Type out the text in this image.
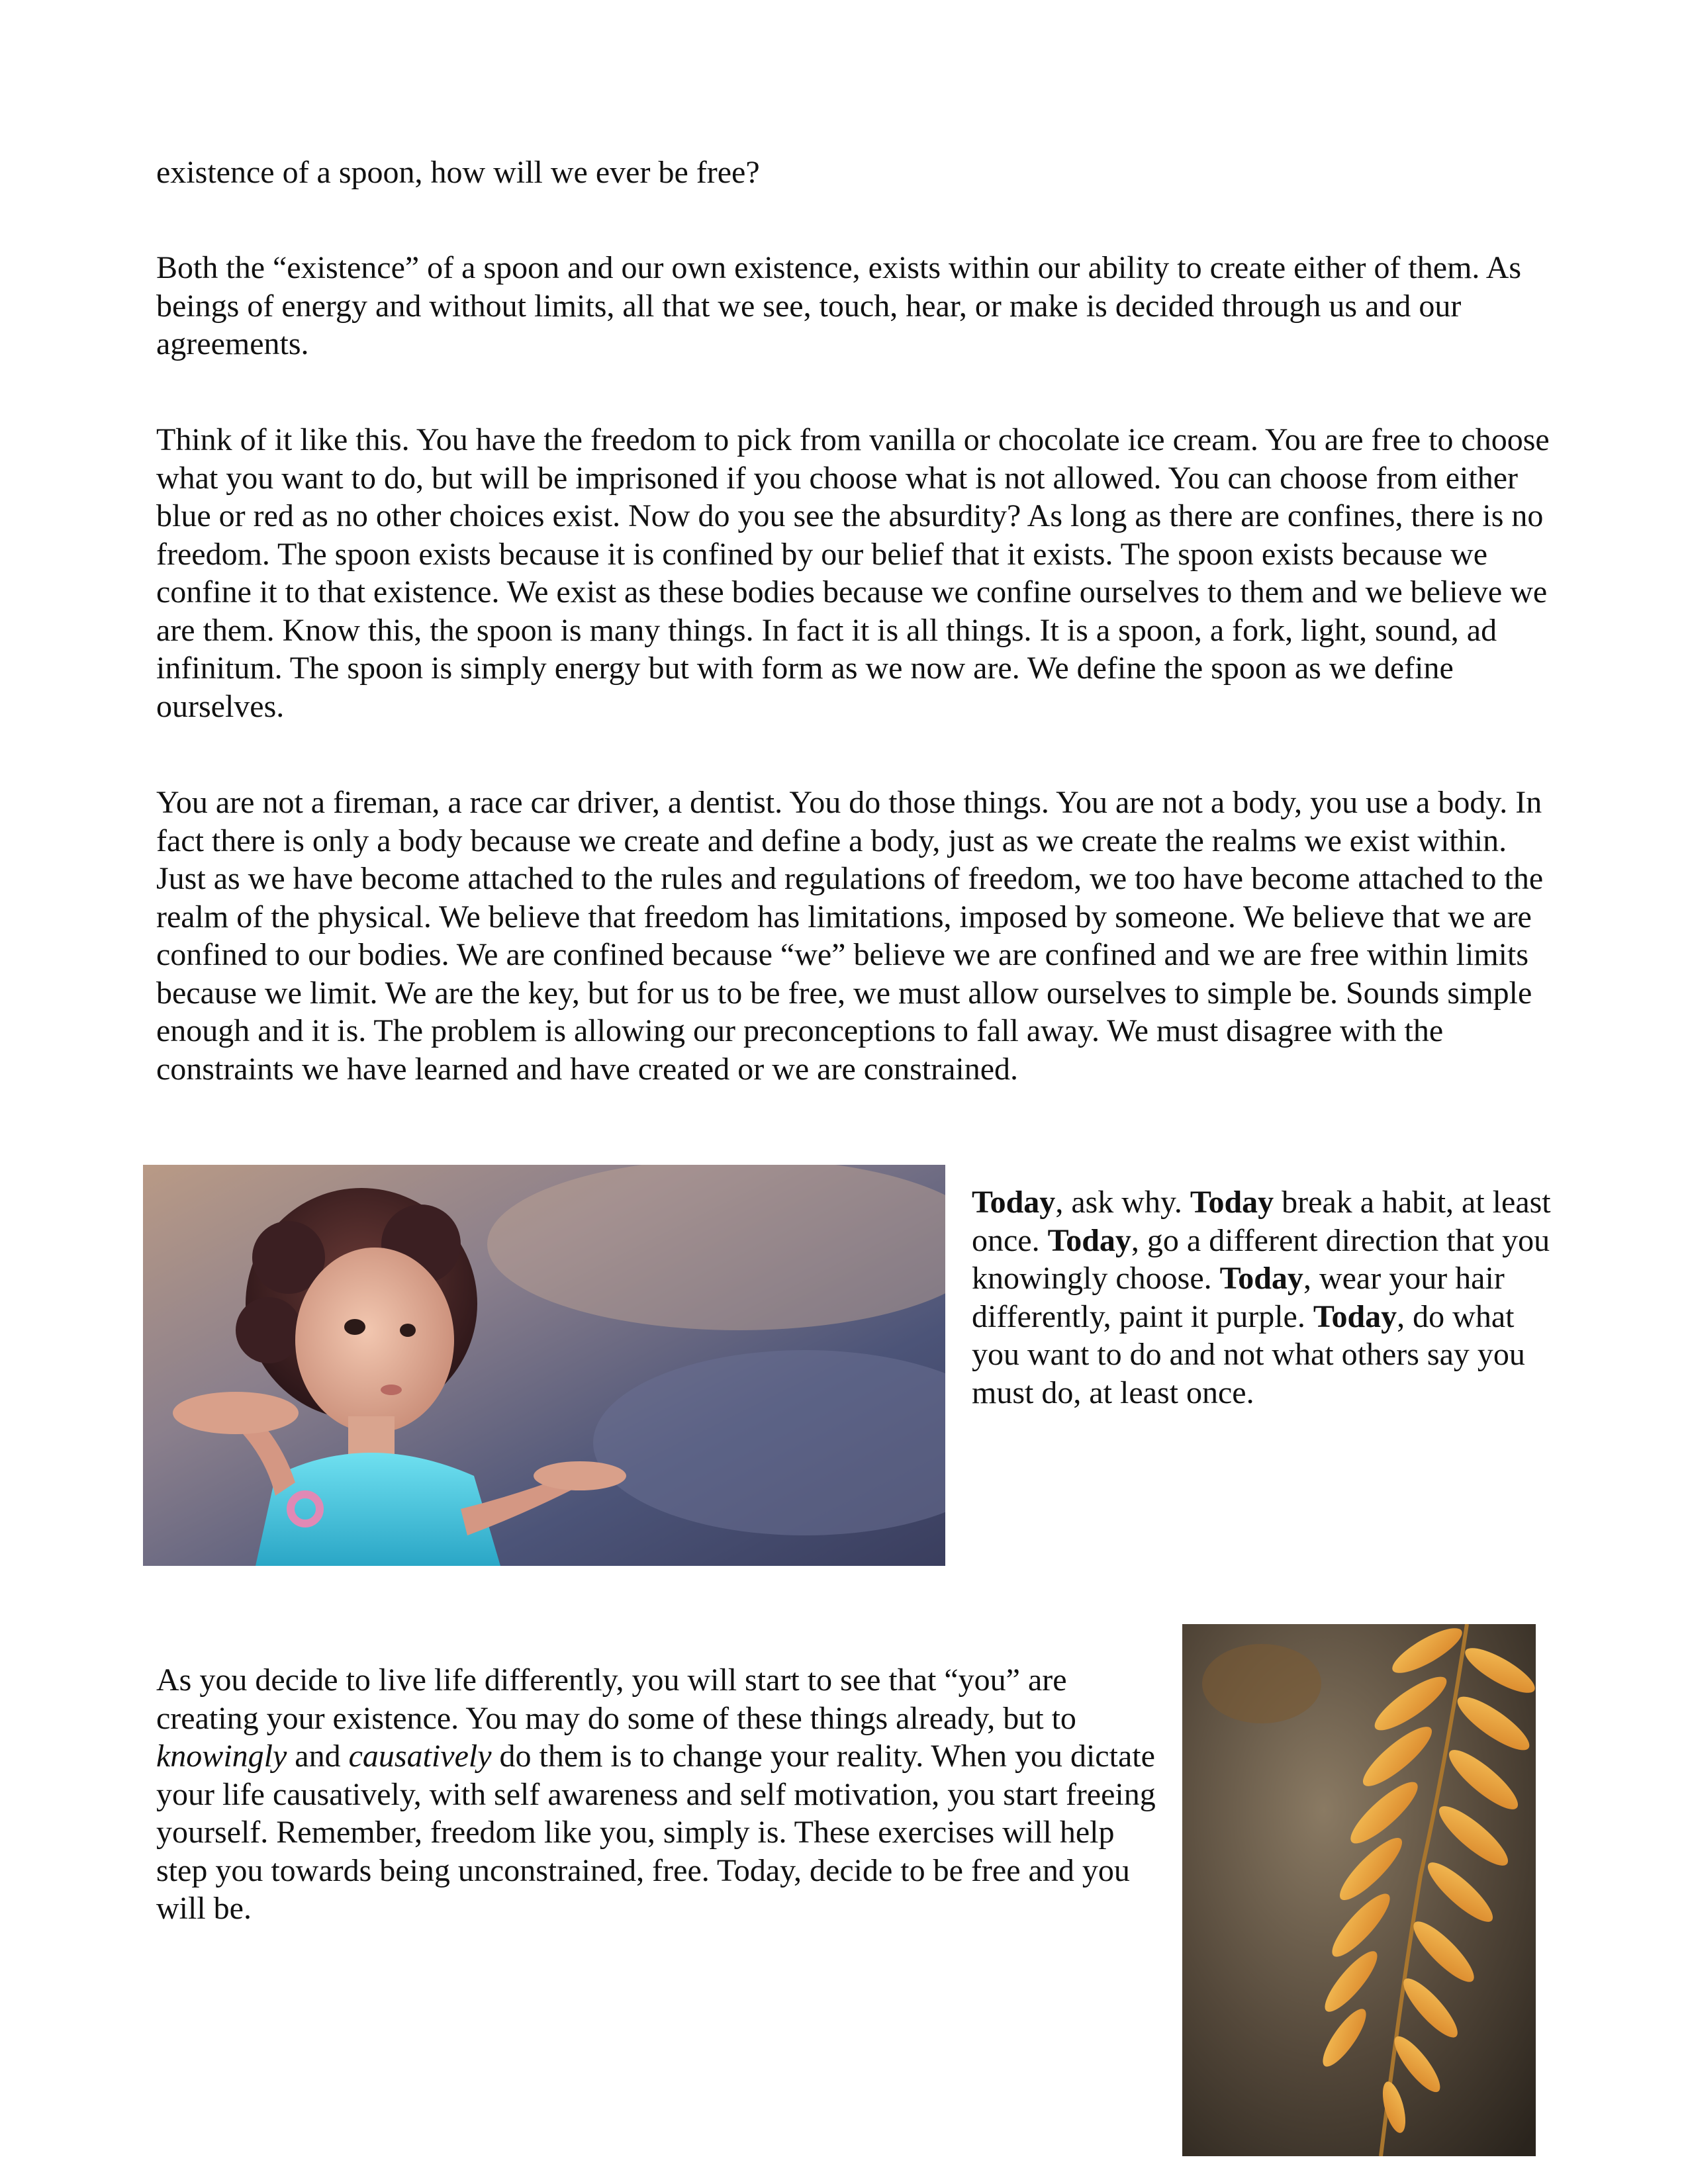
existence of a spoon, how will we ever be free?

Both the “existence” of a spoon and our own existence, exists within our ability to create either of them. As beings of energy and without limits, all that we see, touch, hear, or make is decided through us and our agreements.

Think of it like this. You have the freedom to pick from vanilla or chocolate ice cream. You are free to choose what you want to do, but will be imprisoned if you choose what is not allowed. You can choose from either blue or red as no other choices exist. Now do you see the absurdity? As long as there are confines, there is no freedom. The spoon exists because it is confined by our belief that it exists. The spoon exists because we confine it to that existence. We exist as these bodies because we confine ourselves to them and we believe we are them. Know this, the spoon is many things. In fact it is all things. It is a spoon, a fork, light, sound, ad infinitum. The spoon is simply energy but with form as we now are. We define the spoon as we define ourselves.

You are not a fireman, a race car driver, a dentist. You do those things. You are not a body, you use a body. In fact there is only a body because we create and define a body, just as we create the realms we exist within. Just as we have become attached to the rules and regulations of freedom, we too have become attached to the realm of the physical. We believe that freedom has limitations, imposed by someone. We believe that we are confined to our bodies. We are confined because “we” believe we are confined and we are free within limits because we limit. We are the key, but for us to be free, we must allow ourselves to simple be. Sounds simple enough and it is. The problem is allowing our preconceptions to fall away. We must disagree with the constraints we have learned and have created or we are constrained.

Today, ask why. Today break a habit, at least once. Today, go a different direction that you knowingly choose. Today, wear your hair differently, paint it purple. Today, do what you want to do and not what others say you must do, at least once.
As you decide to live life differently, you will start to see that “you” are creating your existence. You may do some of these things already, but to knowingly and causatively do them is to change your reality. When you dictate your life causatively, with self awareness and self motivation, you start freeing yourself. Remember, freedom like you, simply is. These exercises will help step you towards being unconstrained, free. Today, decide to be free and you will be.
